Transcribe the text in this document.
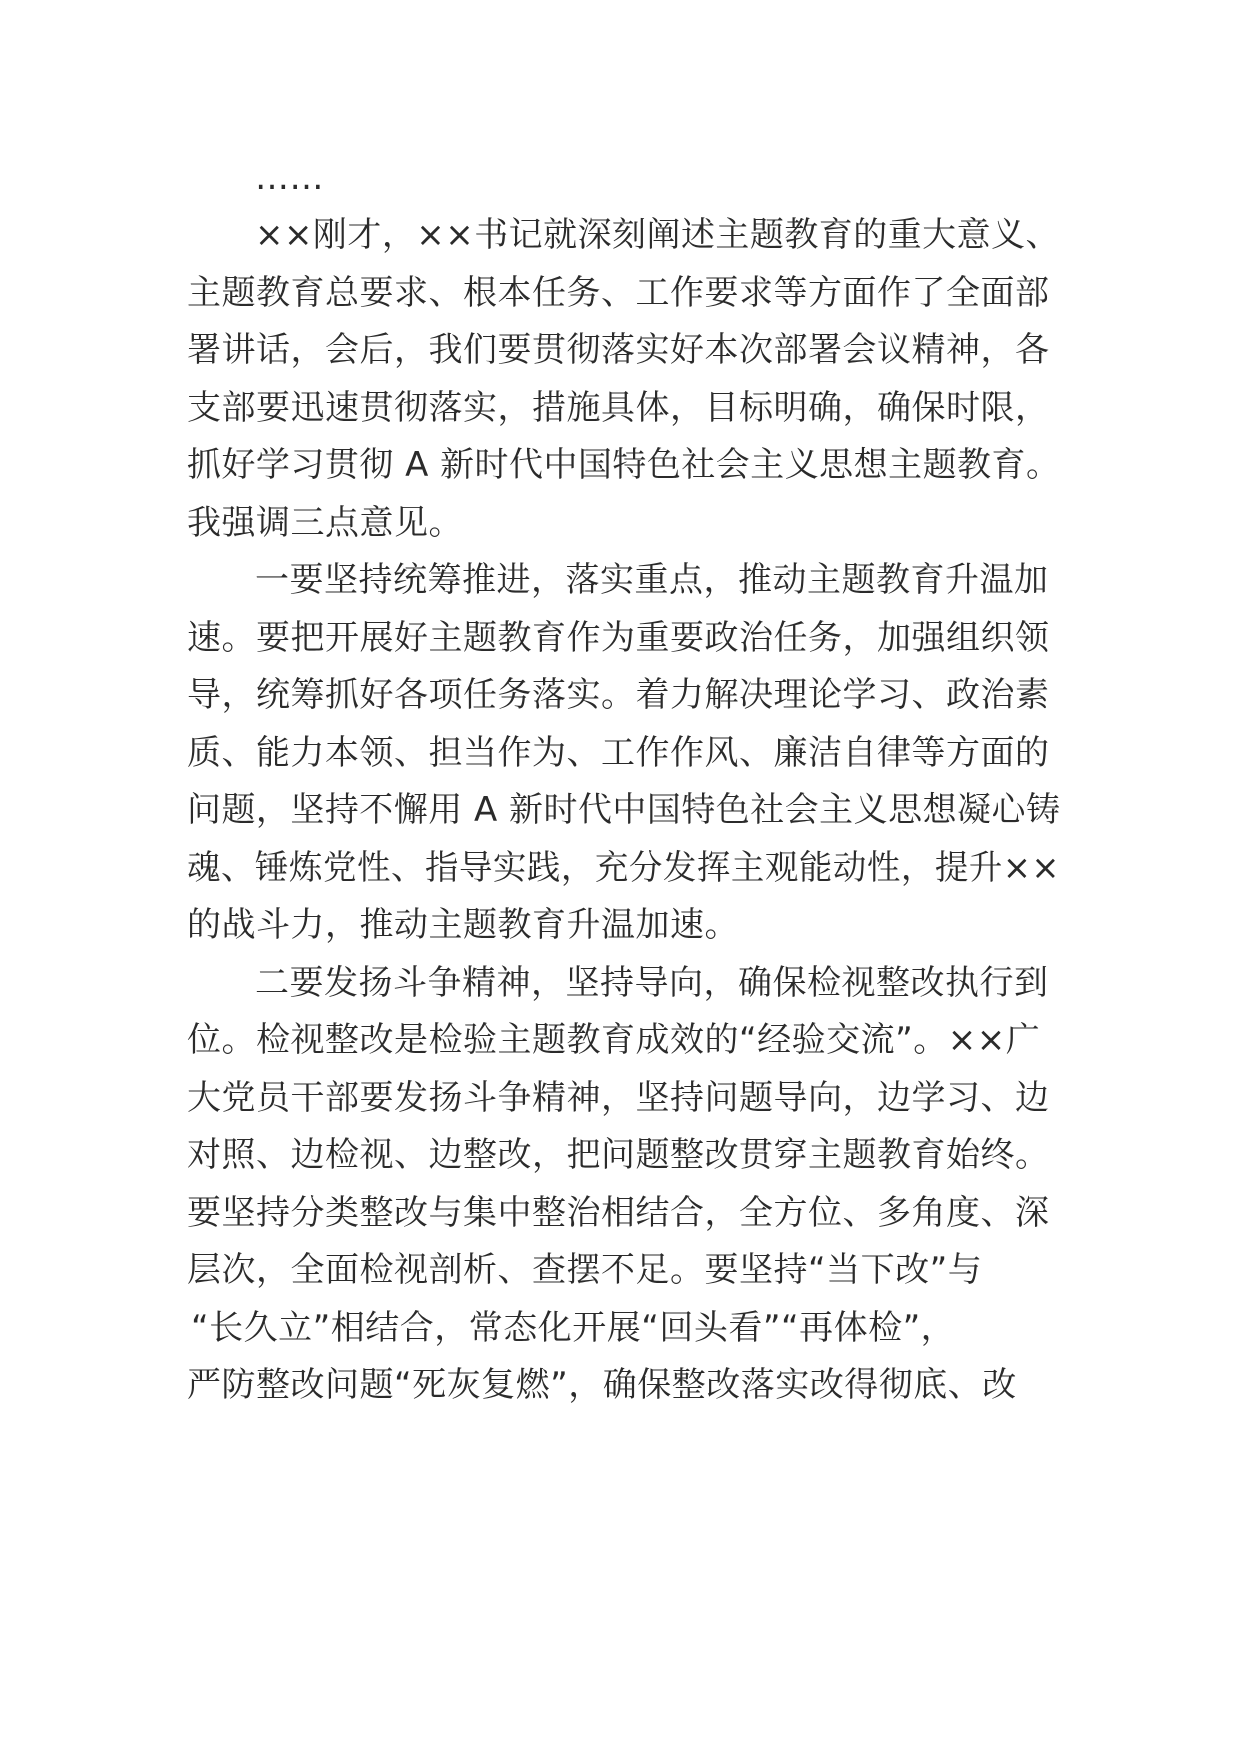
……
××刚才，××书记就深刻阐述主题教育的重大意义、
主题教育总要求、根本任务、工作要求等方面作了全面部
署讲话，会后，我们要贯彻落实好本次部署会议精神，各
支部要迅速贯彻落实，措施具体，目标明确，确保时限，
抓好学习贯彻 A 新时代中国特色社会主义思想主题教育。
我强调三点意见。
一要坚持统筹推进，落实重点，推动主题教育升温加
速。要把开展好主题教育作为重要政治任务，加强组织领
导，统筹抓好各项任务落实。着力解决理论学习、政治素
质、能力本领、担当作为、工作作风、廉洁自律等方面的
问题，坚持不懈用 A 新时代中国特色社会主义思想凝心铸
魂、锤炼党性、指导实践，充分发挥主观能动性，提升××
的战斗力，推动主题教育升温加速。
二要发扬斗争精神，坚持导向，确保检视整改执行到
位。检视整改是检验主题教育成效的“经验交流”。××广
大党员干部要发扬斗争精神，坚持问题导向，边学习、边
对照、边检视、边整改，把问题整改贯穿主题教育始终。
要坚持分类整改与集中整治相结合，全方位、多角度、深
层次，全面检视剖析、查摆不足。要坚持“当下改”与
“长久立”相结合，常态化开展“回头看”“再体检”，
严防整改问题“死灰复燃”，确保整改落实改得彻底、改
